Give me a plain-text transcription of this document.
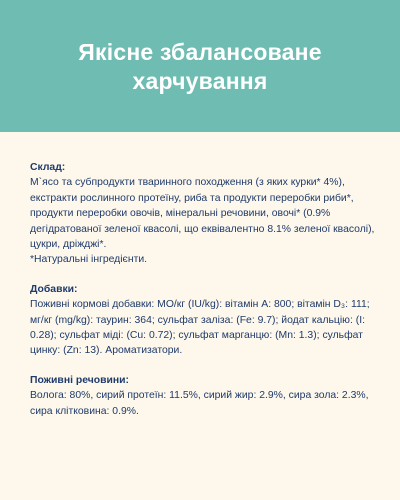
Якісне збалансоване харчування
Склад:
М`ясо та субпродукти тваринного походження (з яких курки* 4%), екстракти рослинного протеїну, риба та продукти переробки риби*, продукти переробки овочів, мінеральні речовини, овочі* (0.9% дегідратованої зеленої квасолі, що еквівалентно 8.1% зеленої квасолі), цукри, дріжджі*.
*Натуральні інгредієнти.
Добавки:
Поживні кормові добавки: МО/кг (IU/kg): вітамін А: 800; вітамін D₃: 111; мг/кг (mg/kg): таурин: 364; сульфат заліза: (Fe: 9.7); йодат кальцію: (I: 0.28); сульфат міді: (Cu: 0.72); сульфат марганцю: (Mn: 1.3); сульфат цинку: (Zn: 13). Ароматизатори.
Поживні речовини:
Волога: 80%, сирий протеїн: 11.5%, сирий жир: 2.9%, сира зола: 2.3%, сира клітковина: 0.9%.
